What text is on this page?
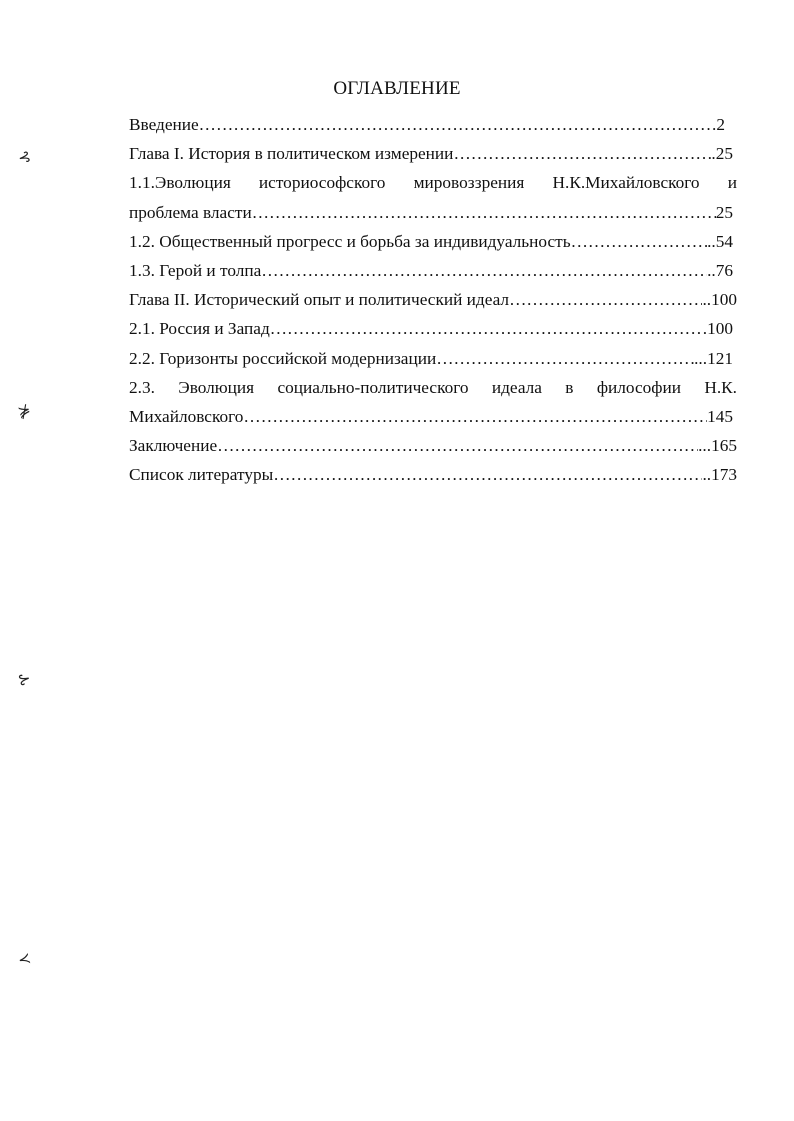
ОГЛАВЛЕНИЕ
Введение …………………………………………………………………………………………………………………………………………………………	.2
Глава I. История в политическом измерении …………………………………………………………………………………………………………………………………………………………	.25
1.1.Эволюция историософского мировоззрения Н.К.Михайловского и
проблема власти …………………………………………………………………………………………………………………………………………………………	25
1.2. Общественный прогресс и борьба за индивидуальность …………………………………………………………………………………………………………………………………………………………	..54
1.3. Герой и толпа …………………………………………………………………………………………………………………………………………………………	..76
Глава II. Исторический опыт и политический идеал …………………………………………………………………………………………………………………………………………………………	..100
2.1. Россия и Запад …………………………………………………………………………………………………………………………………………………………	.100
2.2. Горизонты российской модернизации …………………………………………………………………………………………………………………………………………………………	...121
2.3. Эволюция социально-политического идеала в философии Н.К.
Михайловского …………………………………………………………………………………………………………………………………………………………	145
Заключение …………………………………………………………………………………………………………………………………………………………	...165
Список литературы …………………………………………………………………………………………………………………………………………………………	..173
⊰
⋡
⊱
≺
